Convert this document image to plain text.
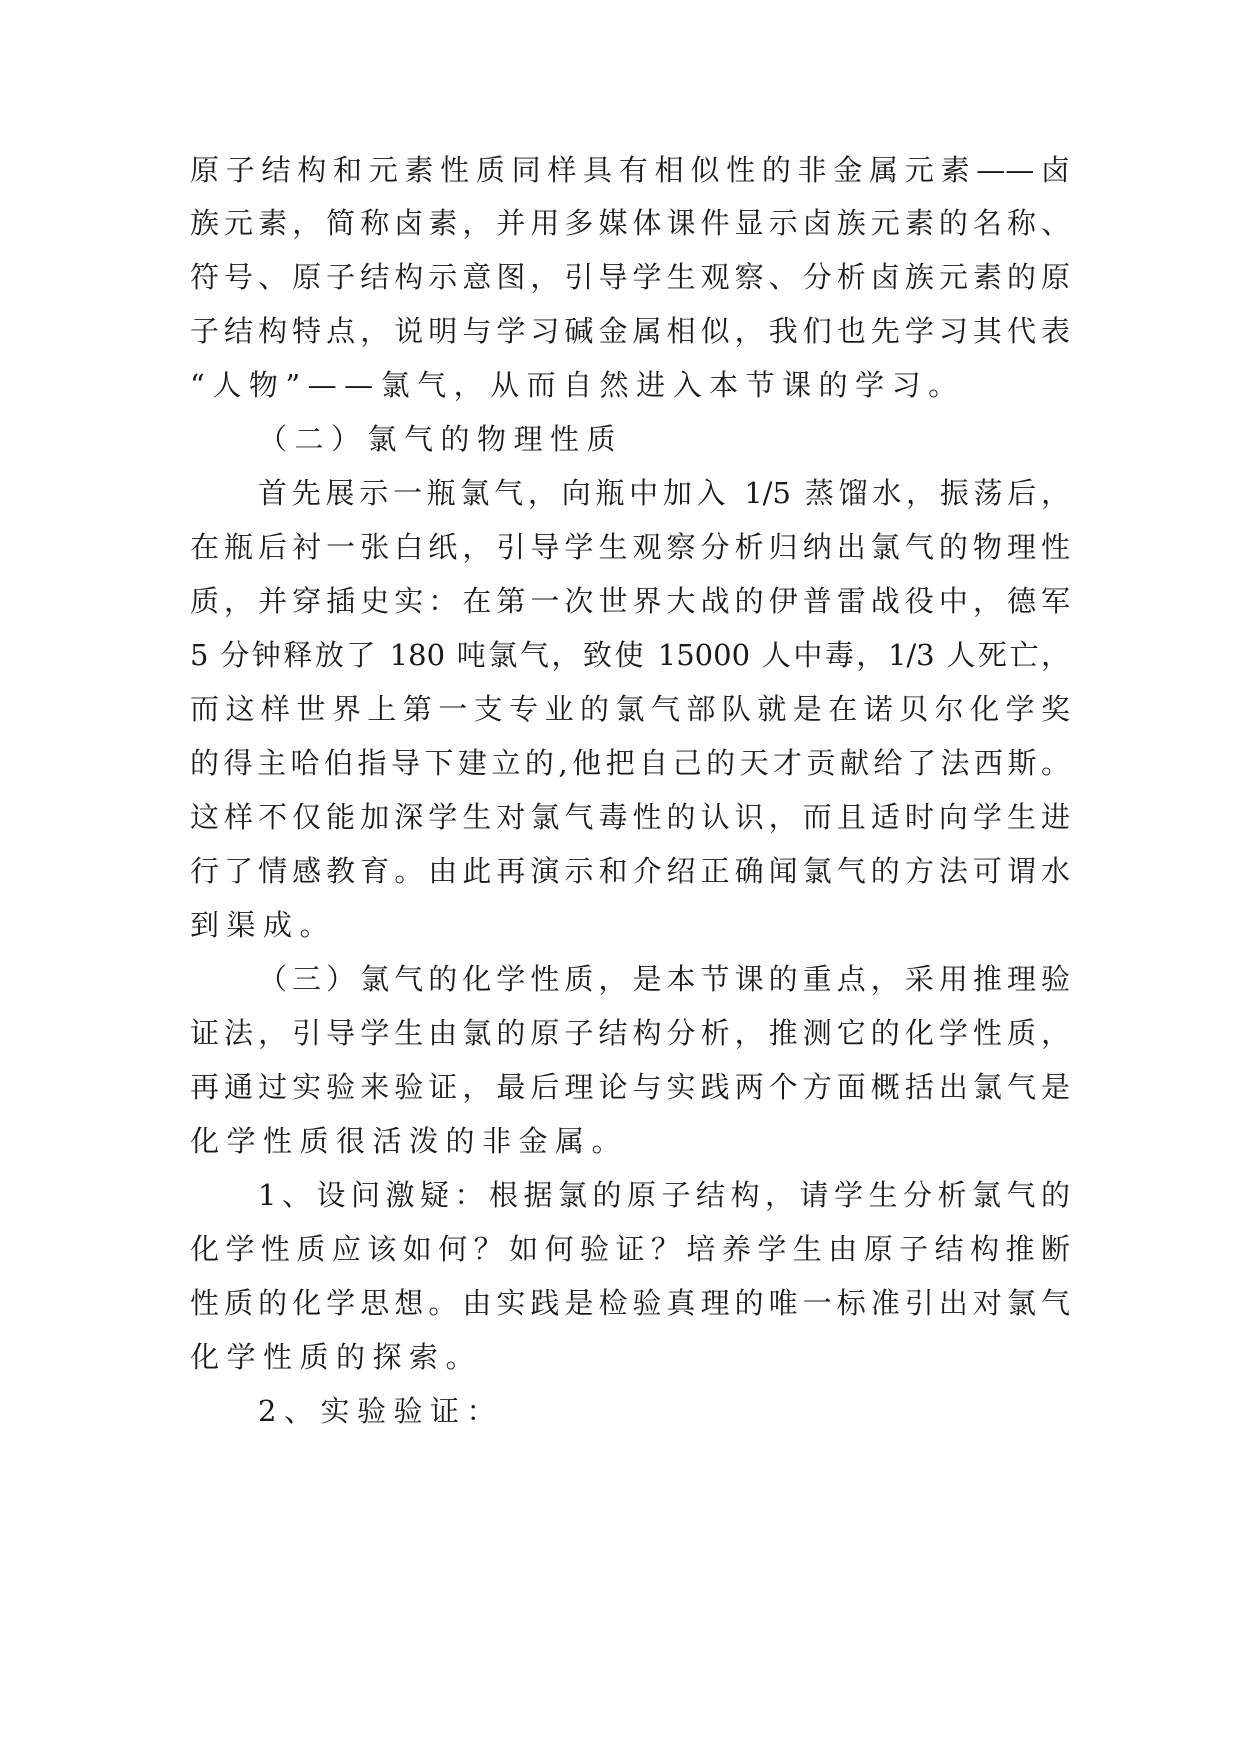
原子结构和元素性质同样具有相似性的非金属元素——卤
族元素，简称卤素，并用多媒体课件显示卤族元素的名称、
符号、原子结构示意图，引导学生观察、分析卤族元素的原
子结构特点，说明与学习碱金属相似，我们也先学习其代表
“人物”——氯气，从而自然进入本节课的学习。
（二）氯气的物理性质
首先展示一瓶氯气，向瓶中加入 1/5 蒸馏水，振荡后，
在瓶后衬一张白纸，引导学生观察分析归纳出氯气的物理性
质，并穿插史实：在第一次世界大战的伊普雷战役中，德军
5 分钟释放了 180 吨氯气，致使 15000 人中毒，1/3 人死亡，
而这样世界上第一支专业的氯气部队就是在诺贝尔化学奖
的得主哈伯指导下建立的,他把自己的天才贡献给了法西斯。
这样不仅能加深学生对氯气毒性的认识，而且适时向学生进
行了情感教育。由此再演示和介绍正确闻氯气的方法可谓水
到渠成。
（三）氯气的化学性质，是本节课的重点，采用推理验
证法，引导学生由氯的原子结构分析，推测它的化学性质，
再通过实验来验证，最后理论与实践两个方面概括出氯气是
化学性质很活泼的非金属。
1、设问激疑：根据氯的原子结构，请学生分析氯气的
化学性质应该如何？如何验证？培养学生由原子结构推断
性质的化学思想。由实践是检验真理的唯一标准引出对氯气
化学性质的探索。
2、实验验证：
